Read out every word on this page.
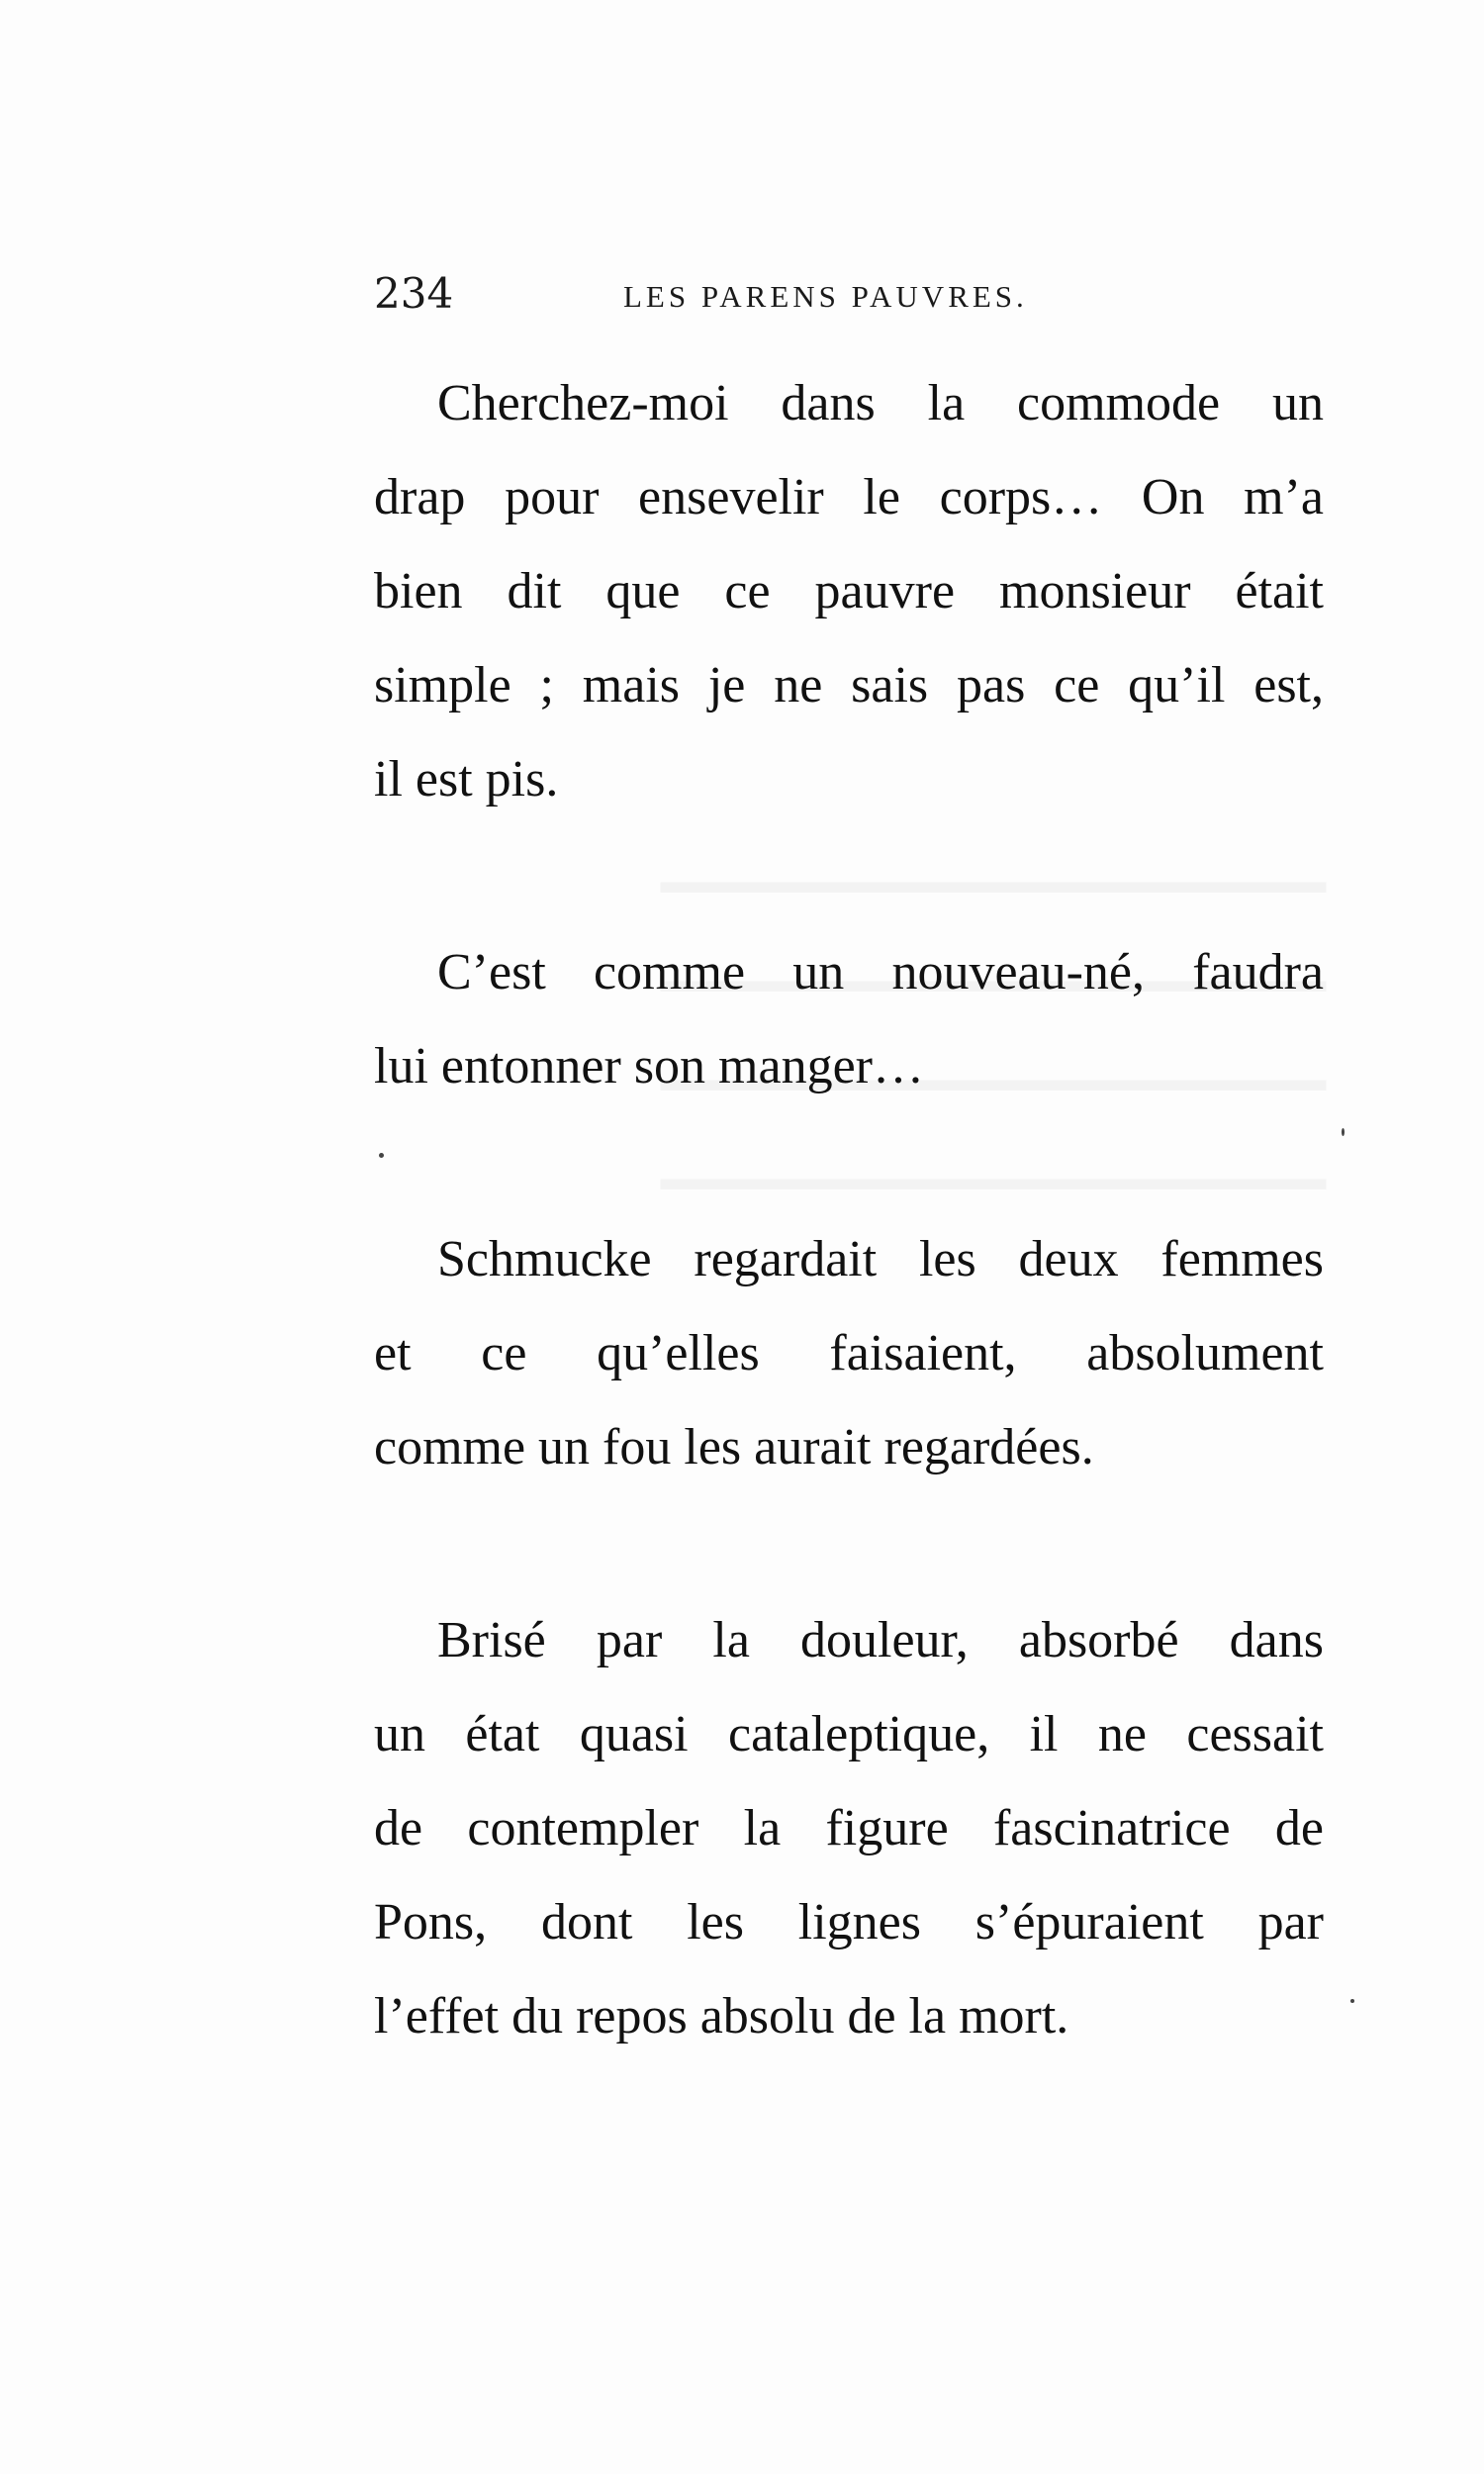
234	LES PARENS PAUVRES.
Cherchez-moi dans la commode un
drap pour ensevelir le corps… On m’a
bien dit que ce pauvre monsieur était
simple ; mais je ne sais pas ce qu’il est,
il est pis.
C’est comme un nouveau-né, faudra
lui entonner son manger…
Schmucke regardait les deux femmes
et ce qu’elles faisaient, absolument
comme un fou les aurait regardées.
Brisé par la douleur, absorbé dans
un état quasi cataleptique, il ne cessait
de contempler la figure fascinatrice de
Pons, dont les lignes s’épuraient par
l’effet du repos absolu de la mort.
